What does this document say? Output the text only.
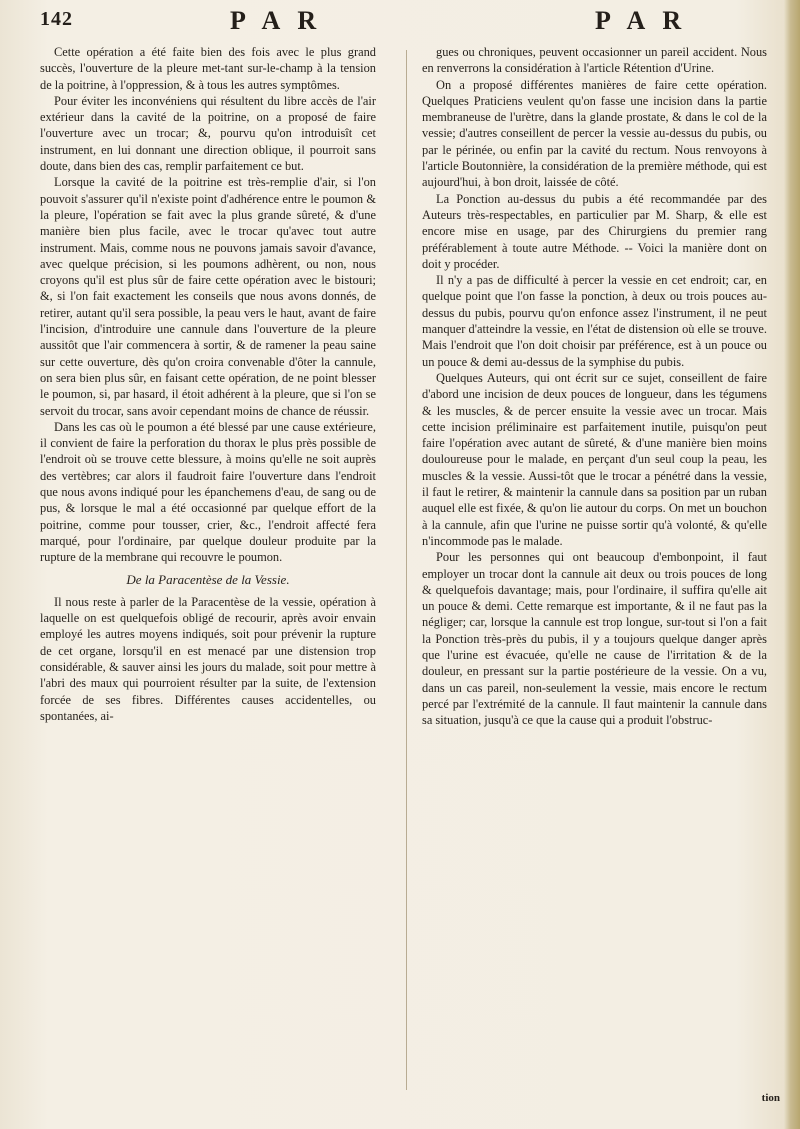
142	P A R	P A R

Cette opération a été faite bien des fois avec le plus grand succès, l'ouverture de la pleure met-tant sur-le-champ à la tension de la poitrine, à l'oppression, & à tous les autres symptômes.

Pour éviter les inconvéniens qui résultent du libre accès de l'air extérieur dans la cavité de la poitrine, on a proposé de faire l'ouverture avec un trocar; &, pourvu qu'on introduisît cet instrument, en lui donnant une direction oblique, il pourroit sans doute, dans bien des cas, remplir parfaitement ce but.

Lorsque la cavité de la poitrine est très-remplie d'air, si l'on pouvoit s'assurer qu'il n'existe point d'adhérence entre le poumon & la pleure, l'opération se fait avec la plus grande sûreté, & d'une manière bien plus facile, avec le trocar qu'avec tout autre instrument. Mais, comme nous ne pouvons jamais savoir d'avance, avec quelque précision, si les poumons adhèrent, ou non, nous croyons qu'il est plus sûr de faire cette opération avec le bistouri; &, si l'on fait exactement les conseils que nous avons donnés, de retirer, autant qu'il sera possible, la peau vers le haut, avant de faire l'incision, d'introduire une cannule dans l'ouverture de la pleure aussitôt que l'air commencera à sortir, & de ramener la peau saine sur cette ouverture, dès qu'on croira convenable d'ôter la cannule, on sera bien plus sûr, en faisant cette opération, de ne point blesser le poumon, si, par hasard, il étoit adhérent à la pleure, que si l'on se servoit du trocar, sans avoir cependant moins de chance de réussir.

Dans les cas où le poumon a été blessé par une cause extérieure, il convient de faire la perforation du thorax le plus près possible de l'endroit où se trouve cette blessure, à moins qu'elle ne soit auprès des vertèbres; car alors il faudroit faire l'ouverture dans l'endroit que nous avons indiqué pour les épanchemens d'eau, de sang ou de pus, & lorsque le mal a été occasionné par quelque effort de la poitrine, comme pour tousser, crier, &c., l'endroit affecté fera marqué, pour l'ordinaire, par quelque douleur produite par la rupture de la membrane qui recouvre le poumon.

De la Paracentèse de la Vessie.

Il nous reste à parler de la Paracentèse de la vessie, opération à laquelle on est quelquefois obligé de recourir, après avoir envain employé les autres moyens indiqués, soit pour prévenir la rupture de cet organe, lorsqu'il en est menacé par une distension trop considérable, & sauver ainsi les jours du malade, soit pour mettre à l'abri des maux qui pourroient résulter par la suite, de l'extension forcée de ses fibres. Différentes causes accidentelles, ou spontanées, ai-

gues ou chroniques, peuvent occasionner un pareil accident. Nous en renverrons la considération à l'article Rétention d'Urine.

On a proposé différentes manières de faire cette opération. Quelques Praticiens veulent qu'on fasse une incision dans la partie membraneuse de l'urètre, dans la glande prostate, & dans le col de la vessie; d'autres conseillent de percer la vessie au-dessus du pubis, ou par le périnée, ou enfin par la cavité du rectum. Nous renvoyons à l'article Boutonnière, la considération de la première méthode, qui est aujourd'hui, à bon droit, laissée de côté.

La Ponction au-dessus du pubis a été recommandée par des Auteurs très-respectables, en particulier par M. Sharp, & elle est encore mise en usage, par des Chirurgiens du premier rang préférablement à toute autre Méthode. -- Voici la manière dont on doit y procéder.

Il n'y a pas de difficulté à percer la vessie en cet endroit; car, en quelque point que l'on fasse la ponction, à deux ou trois pouces au-dessus du pubis, pourvu qu'on enfonce assez l'instrument, il ne peut manquer d'atteindre la vessie, en l'état de distension où elle se trouve. Mais l'endroit que l'on doit choisir par préférence, est à un pouce ou un pouce & demi au-dessus de la symphise du pubis.

Quelques Auteurs, qui ont écrit sur ce sujet, conseillent de faire d'abord une incision de deux pouces de longueur, dans les tégumens & les muscles, & de percer ensuite la vessie avec un trocar. Mais cette incision préliminaire est parfaitement inutile, puisqu'on peut faire l'opération avec autant de sûreté, & d'une manière bien moins douloureuse pour le malade, en perçant d'un seul coup la peau, les muscles & la vessie. Aussi-tôt que le trocar a pénétré dans la vessie, il faut le retirer, & maintenir la cannule dans sa position par un ruban auquel elle est fixée, & qu'on lie autour du corps. On met un bouchon à la cannule, afin que l'urine ne puisse sortir qu'à volonté, & qu'elle n'incommode pas le malade.

Pour les personnes qui ont beaucoup d'embonpoint, il faut employer un trocar dont la cannule ait deux ou trois pouces de long & quelquefois davantage; mais, pour l'ordinaire, il suffira qu'elle ait un pouce & demi. Cette remarque est importante, & il ne faut pas la négliger; car, lorsque la cannule est trop longue, sur-tout si l'on a fait la Ponction très-près du pubis, il y a toujours quelque danger après que l'urine est évacuée, qu'elle ne cause de l'irritation & de la douleur, en pressant sur la partie postérieure de la vessie. On a vu, dans un cas pareil, non-seulement la vessie, mais encore le rectum percé par l'extrémité de la cannule. Il faut maintenir la cannule dans sa situation, jusqu'à ce que la cause qui a produit l'obstruc-

tion
